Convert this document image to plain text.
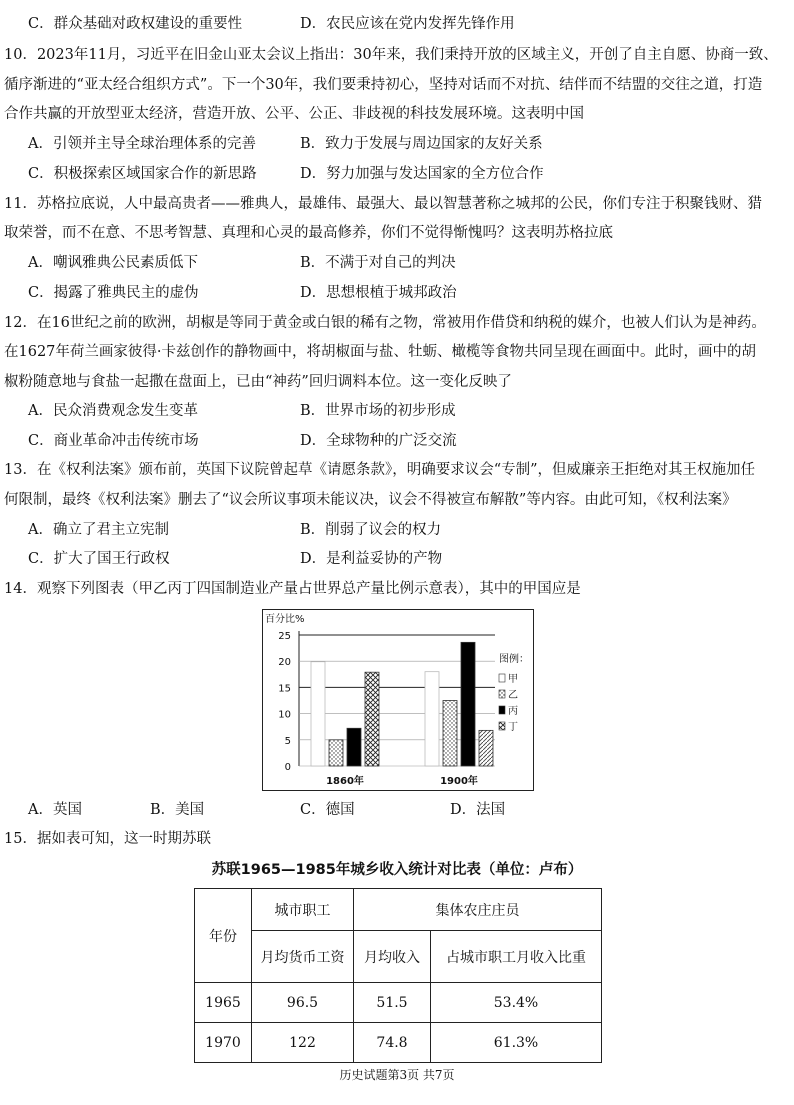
C．群众基础对政权建设的重要性	D．农民应该在党内发挥先锋作用
10．2023年11月，习近平在旧金山亚太会议上指出：30年来，我们秉持开放的区域主义，开创了自主自愿、协商一致、
循序渐进的“亚太经合组织方式”。下一个30年，我们要秉持初心，坚持对话而不对抗、结伴而不结盟的交往之道，打造
合作共赢的开放型亚太经济，营造开放、公平、公正、非歧视的科技发展环境。这表明中国
A．引领并主导全球治理体系的完善	B．致力于发展与周边国家的友好关系
C．积极探索区域国家合作的新思路	D．努力加强与发达国家的全方位合作
11．苏格拉底说，人中最高贵者——雅典人，最雄伟、最强大、最以智慧著称之城邦的公民，你们专注于积聚钱财、猎
取荣誉，而不在意、不思考智慧、真理和心灵的最高修养，你们不觉得惭愧吗？这表明苏格拉底
A．嘲讽雅典公民素质低下	B．不满于对自己的判决
C．揭露了雅典民主的虚伪	D．思想根植于城邦政治
12．在16世纪之前的欧洲，胡椒是等同于黄金或白银的稀有之物，常被用作借贷和纳税的媒介，也被人们认为是神药。
在1627年荷兰画家彼得·卡兹创作的静物画中，将胡椒面与盐、牡蛎、橄榄等食物共同呈现在画面中。此时，画中的胡
椒粉随意地与食盐一起撒在盘面上，已由“神药”回归调料本位。这一变化反映了
A．民众消费观念发生变革	B．世界市场的初步形成
C．商业革命冲击传统市场	D．全球物种的广泛交流
13．在《权利法案》颁布前，英国下议院曾起草《请愿条款》，明确要求议会“专制”，但威廉亲王拒绝对其王权施加任
何限制，最终《权利法案》删去了“议会所议事项未能议决，议会不得被宣布解散”等内容。由此可知，《权利法案》
A．确立了君主立宪制	B．削弱了议会的权力
C．扩大了国王行政权	D．是利益妥协的产物
14．观察下列图表（甲乙丙丁四国制造业产量占世界总产量比例示意表），其中的甲国应是
百分比%
0
5
10
15
20
25
1860年	1900年
图例：
甲
乙
丙
丁
A．英国	B．美国	C．德国	D．法国
15．据如表可知，这一时期苏联
苏联1965—1985年城乡收入统计对比表（单位：卢布）
年份	城市职工	集体农庄庄员	
	月均货币工资	月均收入	占城市职工月收入比重
1965	96.5	51.5	53.4%
1970	122	74.8	61.3%
历史试题第3页 共7页
